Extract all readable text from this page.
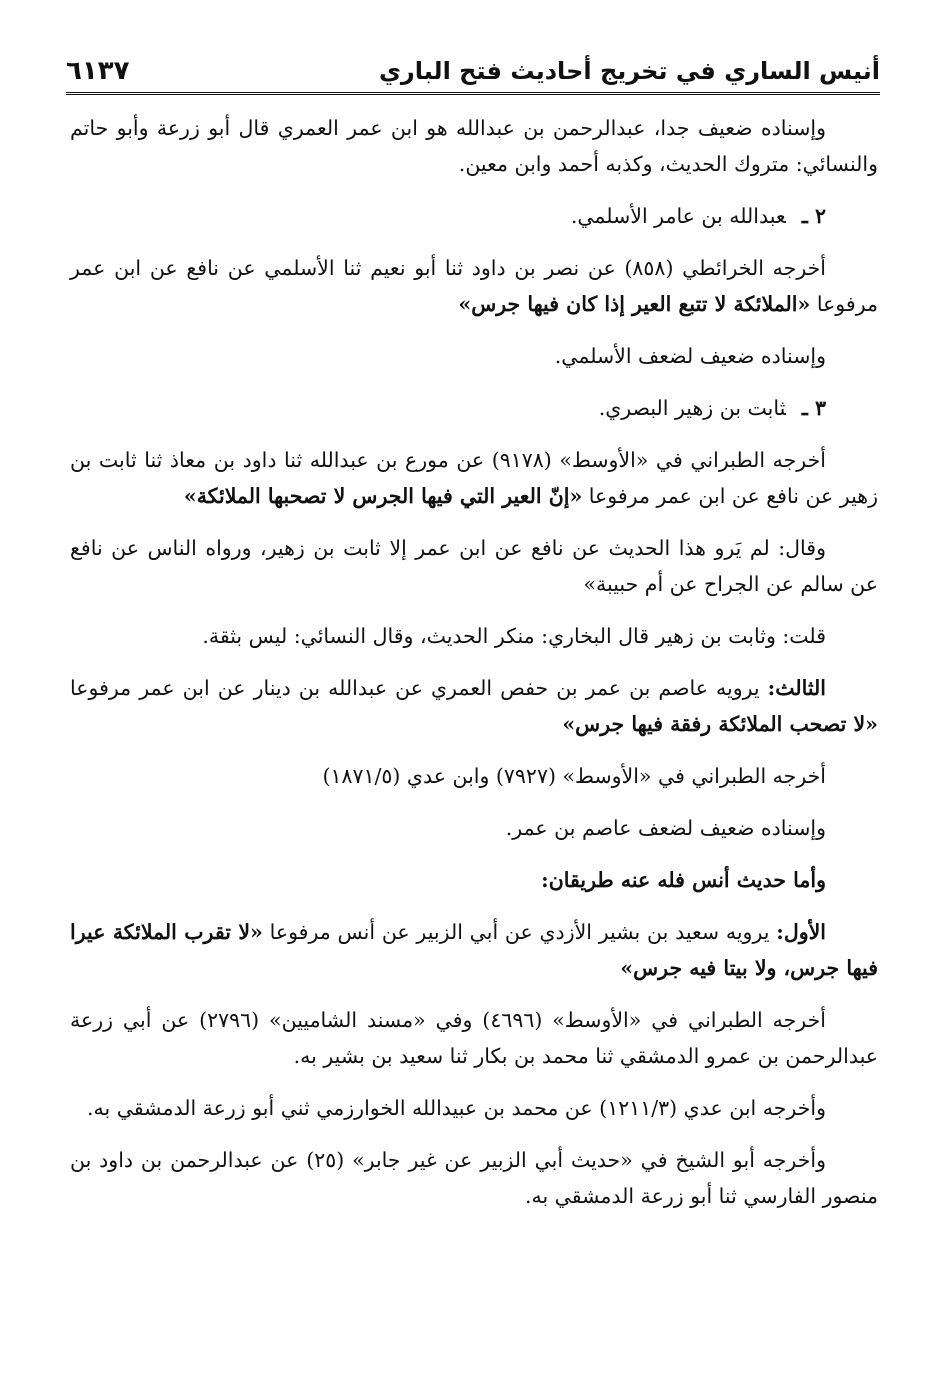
أنيس الساري في تخريج أحاديث فتح الباري
٦١٣٧

وإسناده ضعيف جدا، عبدالرحمن بن عبدالله هو ابن عمر العمري قال أبو زرعة وأبو حاتم والنسائي: متروك الحديث، وكذبه أحمد وابن معين.

٢ ـعبدالله بن عامر الأسلمي.

أخرجه الخرائطي (٨٥٨) عن نصر بن داود ثنا أبو نعيم ثنا الأسلمي عن نافع عن ابن عمر مرفوعا «الملائكة لا تتبع العير إذا كان فيها جرس»

وإسناده ضعيف لضعف الأسلمي.

٣ ـثابت بن زهير البصري.

أخرجه الطبراني في «الأوسط» (٩١٧٨) عن مورع بن عبدالله ثنا داود بن معاذ ثنا ثابت بن زهير عن نافع عن ابن عمر مرفوعا «إنّ العير التي فيها الجرس لا تصحبها الملائكة»

وقال: لم يَرو هذا الحديث عن نافع عن ابن عمر إلا ثابت بن زهير، ورواه الناس عن نافع عن سالم عن الجراح عن أم حبيبة»

قلت: وثابت بن زهير قال البخاري: منكر الحديث، وقال النسائي: ليس بثقة.

الثالث: يرويه عاصم بن عمر بن حفص العمري عن عبدالله بن دينار عن ابن عمر مرفوعا «لا تصحب الملائكة رفقة فيها جرس»

أخرجه الطبراني في «الأوسط» (٧٩٢٧) وابن عدي (١٨٧١/٥)

وإسناده ضعيف لضعف عاصم بن عمر.

وأما حديث أنس فله عنه طريقان:

الأول: يرويه سعيد بن بشير الأزدي عن أبي الزبير عن أنس مرفوعا «لا تقرب الملائكة عيرا فيها جرس، ولا بيتا فيه جرس»

أخرجه الطبراني في «الأوسط» (٤٦٩٦) وفي «مسند الشاميين» (٢٧٩٦) عن أبي زرعة عبدالرحمن بن عمرو الدمشقي ثنا محمد بن بكار ثنا سعيد بن بشير به.

وأخرجه ابن عدي (١٢١١/٣) عن محمد بن عبيدالله الخوارزمي ثني أبو زرعة الدمشقي به.

وأخرجه أبو الشيخ في «حديث أبي الزبير عن غير جابر» (٢٥) عن عبدالرحمن بن داود بن منصور الفارسي ثنا أبو زرعة الدمشقي به.
